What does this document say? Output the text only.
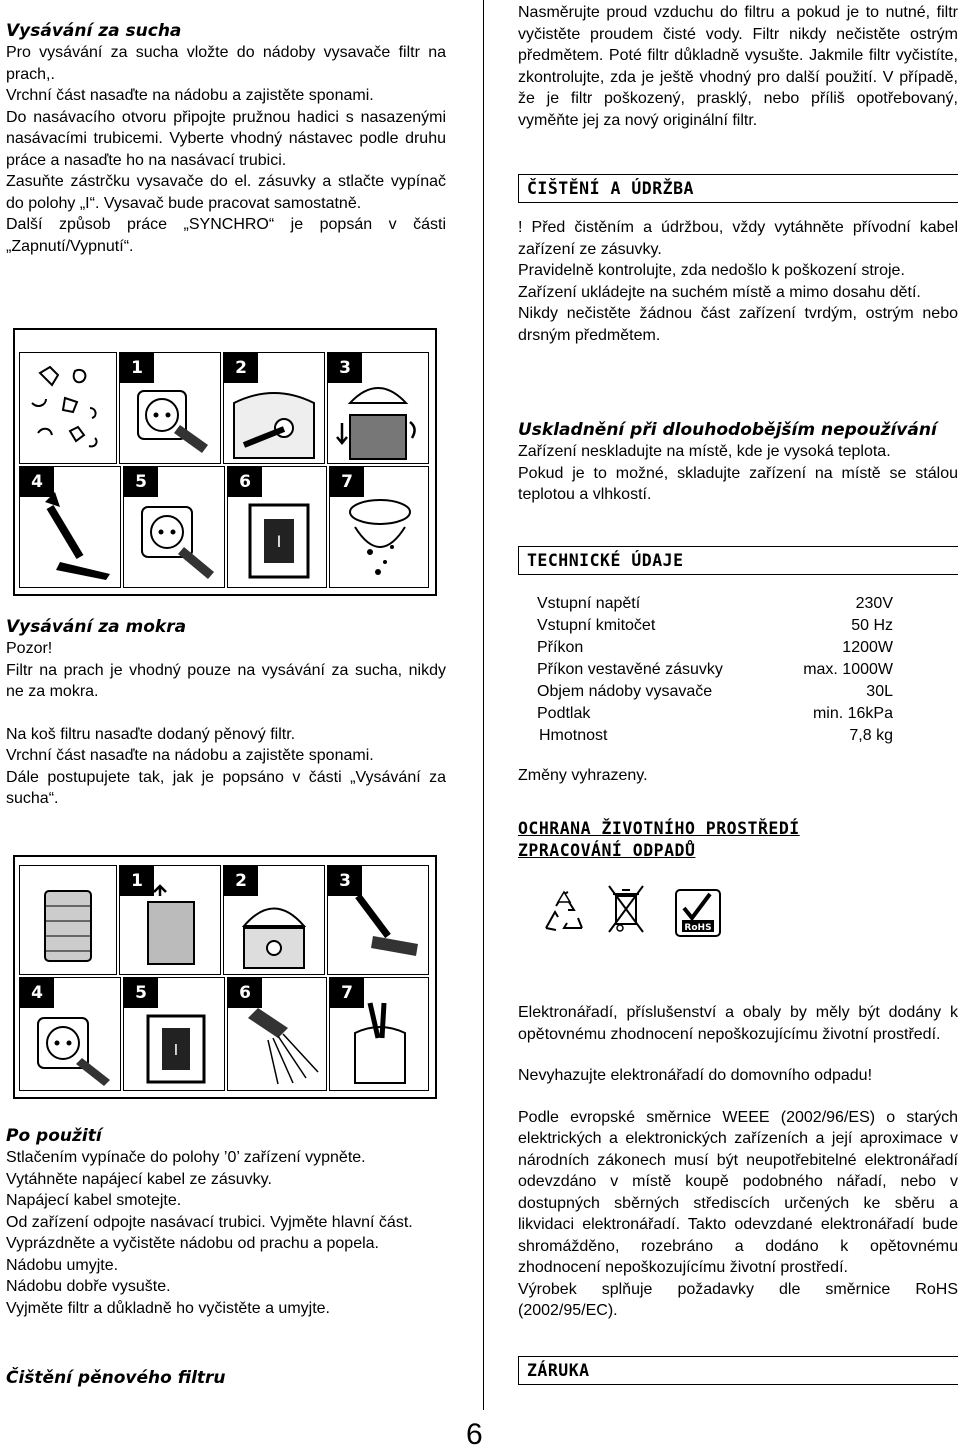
Vysávání za sucha

Pro vysávání za sucha vložte do nádoby vysavače filtr na prach,.

Vrchní část nasaďte na nádobu a zajistěte sponami.

Do nasávacího otvoru připojte pružnou hadici s nasazenými nasávacími trubicemi. Vyberte vhodný nástavec podle druhu práce a nasaďte ho na nasávací trubici.

Zasuňte zástrčku vysavače do el. zásuvky a stlačte vypínač do polohy „I“. Vysavač bude pracovat samostatně.

Další způsob práce „SYNCHRO“ je popsán v části „Zapnutí/Vypnutí“.

1	2	3
4	5	6
I
7
Vysávání za mokra

Pozor!

Filtr na prach je vhodný pouze na vysávání za sucha, nikdy ne za mokra.

Na koš filtru nasaďte dodaný pěnový filtr.

Vrchní část nasaďte na nádobu a zajistěte sponami.

Dále postupujete tak, jak je popsáno v části „Vysávání za sucha“.

1	2	3
4	5
I
6	7
Po použití

Stlačením vypínače do polohy ’0’ zařízení vypněte.

Vytáhněte napájecí kabel ze zásuvky.

Napájecí kabel smotejte.

Od zařízení odpojte nasávací trubici. Vyjměte hlavní část.

Vyprázdněte a vyčistěte nádobu od prachu a popela.

Nádobu umyjte.

Nádobu dobře vysušte.

Vyjměte filtr a důkladně ho vyčistěte a umyjte.

Čištění pěnového filtru

Nasměrujte proud vzduchu do filtru a pokud je to nutné, filtr vyčistěte proudem čisté vody. Filtr nikdy nečistěte ostrým předmětem. Poté filtr důkladně vysušte. Jakmile filtr vyčistíte, zkontrolujte, zda je ještě vhodný pro další použití. V případě, že je filtr poškozený, prasklý, nebo příliš opotřebovaný, vyměňte jej za nový originální filtr.

ČIŠTĚNÍ A ÚDRŽBA

! Před čistěním a údržbou, vždy vytáhněte přívodní kabel zařízení ze zásuvky.

Pravidelně kontrolujte, zda nedošlo k poškození stroje.

Zařízení ukládejte na suchém místě a mimo dosahu dětí.

Nikdy nečistěte žádnou část zařízení tvrdým, ostrým nebo drsným předmětem.

Uskladnění při dlouhodobějším nepoužívání

Zařízení neskladujte na místě, kde je vysoká teplota.

Pokud je to možné, skladujte zařízení na místě se stálou teplotou a vlhkostí.

TECHNICKÉ ÚDAJE
Vstupní napětí	230V
Vstupní kmitočet	50 Hz
Příkon	1200W
Příkon vestavěné zásuvky	max. 1000W
Objem nádoby vysavače	30L
Podtlak	min. 16kPa
Hmotnost	7,8 kg

Změny vyhrazeny.

OCHRANA ŽIVOTNÍHO PROSTŘEDÍ
ZPRACOVÁNÍ ODPADŮ
RoHS

Elektronářadí, příslušenství a obaly by měly být dodány k opětovnému zhodnocení nepoškozujícímu životní prostředí.

Nevyhazujte elektronářadí do domovního odpadu!

Podle evropské směrnice WEEE (2002/96/ES) o starých elektrických a elektronických zařízeních a její aproximace v národních zákonech musí být neupotřebitelné elektronářadí odevzdáno v místě koupě podobného nářadí, nebo v dostupných sběrných střediscích určených ke sběru a likvidaci elektronářadí. Takto odevzdané elektronářadí bude shromážděno, rozebráno a dodáno k opětovnému zhodnocení nepoškozujícímu životní prostředí.

Výrobek splňuje požadavky dle směrnice RoHS (2002/95/EC).

ZÁRUKA
6
